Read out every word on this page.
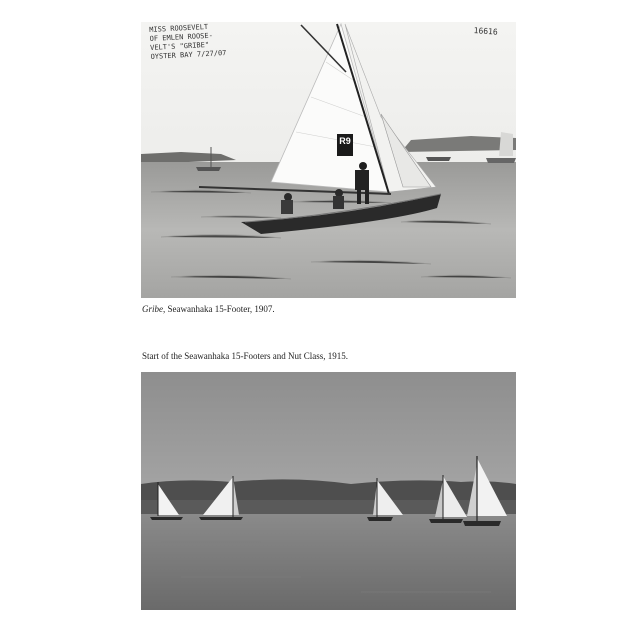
R9
MISS ROOSEVELT
OF EMLEN ROOSE-
VELT'S "GRIBE"
OYSTER BAY 7/27/07
16616
Gribe, Seawanhaka 15-Footer, 1907.
Start of the Seawanhaka 15-Footers and Nut Class, 1915.
